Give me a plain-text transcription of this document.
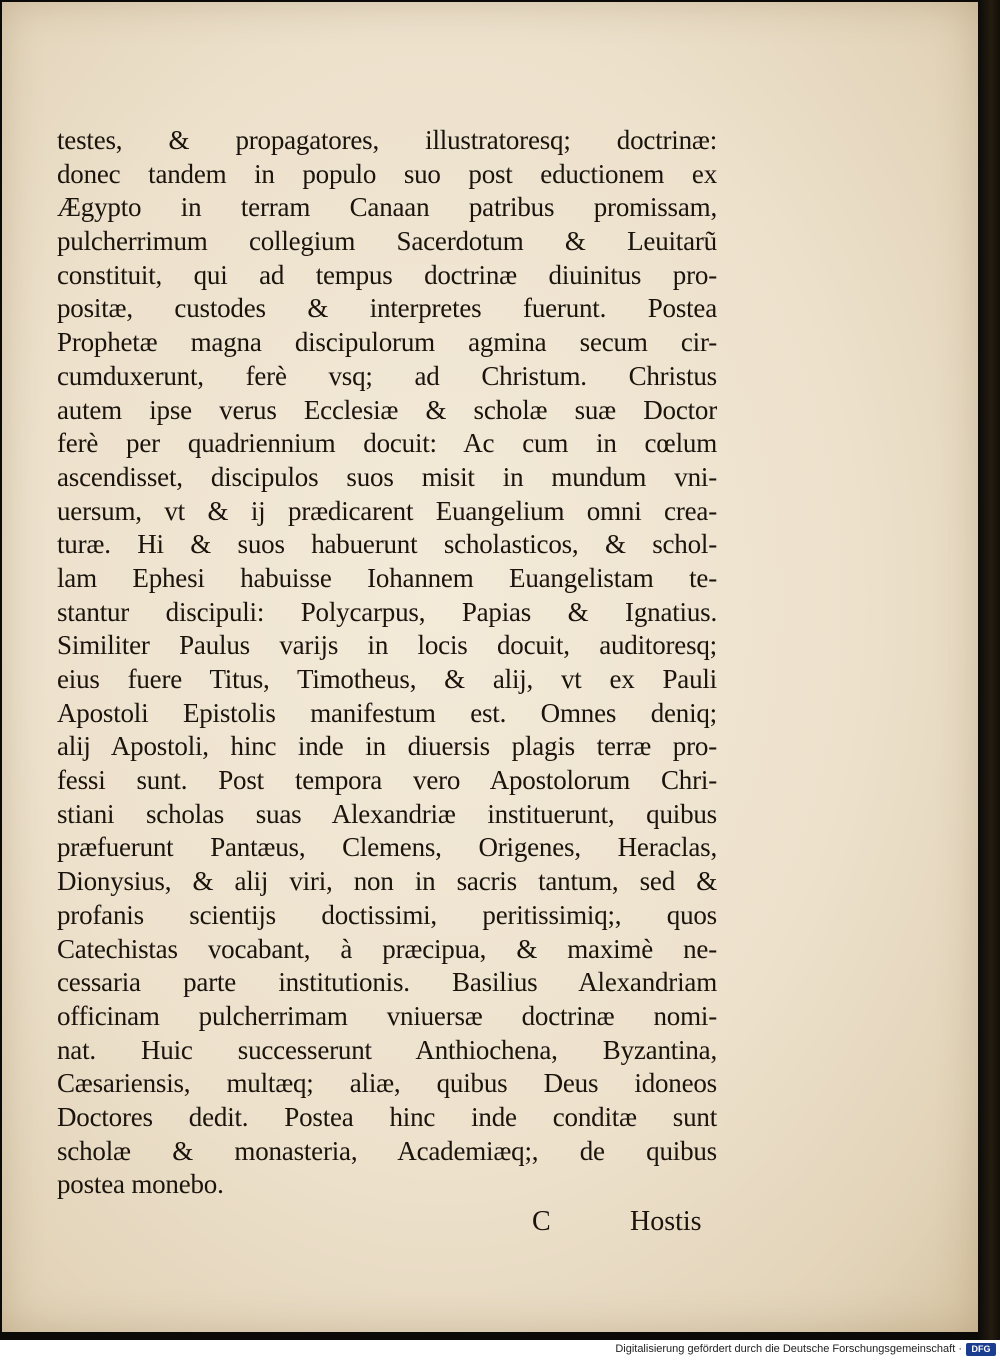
testes, & propagatores, illustratoresq; doctrinæ:
donec tandem in populo suo post eductionem ex
Ægypto in terram Canaan patribus promissam,
pulcherrimum collegium Sacerdotum & Leuitarũ
constituit, qui ad tempus doctrinæ diuinitus pro-
positæ, custodes & interpretes fuerunt. Postea
Prophetæ magna discipulorum agmina secum cir-
cumduxerunt, ferè vsq; ad Christum. Christus
autem ipse verus Ecclesiæ & scholæ suæ Doctor
ferè per quadriennium docuit: Ac cum in cœlum
ascendisset, discipulos suos misit in mundum vni-
uersum, vt & ij prædicarent Euangelium omni crea-
turæ. Hi & suos habuerunt scholasticos, & schol-
lam Ephesi habuisse Iohannem Euangelistam te-
stantur discipuli: Polycarpus, Papias & Ignatius.
Similiter Paulus varijs in locis docuit, auditoresq;
eius fuere Titus, Timotheus, & alij, vt ex Pauli
Apostoli Epistolis manifestum est. Omnes deniq;
alij Apostoli, hinc inde in diuersis plagis terræ pro-
fessi sunt. Post tempora vero Apostolorum Chri-
stiani scholas suas Alexandriæ instituerunt, quibus
præfuerunt Pantæus, Clemens, Origenes, Heraclas,
Dionysius, & alij viri, non in sacris tantum, sed &
profanis scientijs doctissimi, peritissimiq;, quos
Catechistas vocabant, à præcipua, & maximè ne-
cessaria parte institutionis. Basilius Alexandriam
officinam pulcherrimam vniuersæ doctrinæ nomi-
nat. Huic successerunt Anthiochena, Byzantina,
Cæsariensis, multæq; aliæ, quibus Deus idoneos
Doctores dedit. Postea hinc inde conditæ sunt
scholæ & monasteria, Academiæq;, de quibus
postea monebo.
C	Hostis
Digitalisierung gefördert durch die Deutsche Forschungsgemeinschaft ·	DFG
